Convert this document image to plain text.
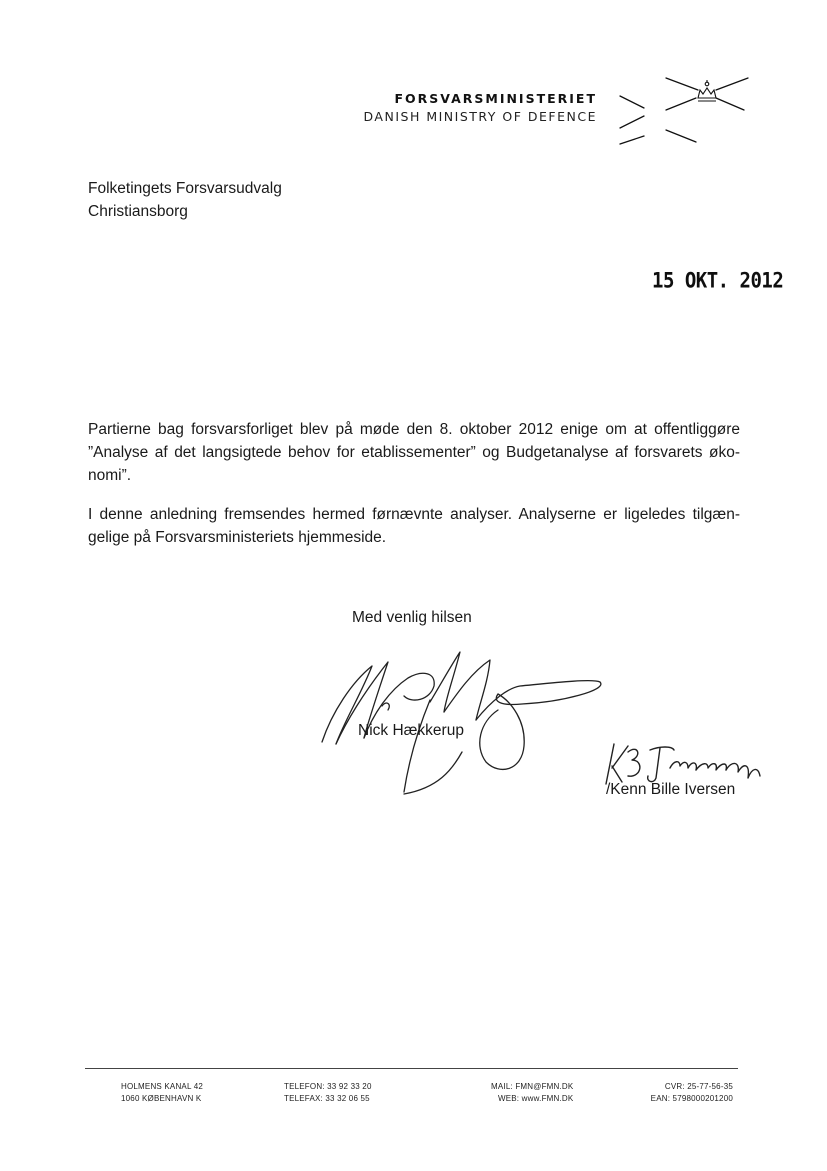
FORSVARSMINISTERIET
DANISH MINISTRY OF DEFENCE
Folketingets Forsvarsudvalg
Christiansborg
15 OKT. 2012

Partierne bag forsvarsforliget blev på møde den 8. oktober 2012 enige om at offentliggøre ”Analyse af det langsigtede behov for etablissementer” og Budgetanalyse af forsvarets øko-nomi”.

I denne anledning fremsendes hermed førnævnte analyser. Analyserne er ligeledes tilgæn-gelige på Forsvarsministeriets hjemmeside.

Med venlig hilsen
Nick Hækkerup
/Kenn Bille Iversen
HOLMENS KANAL 42
1060 KØBENHAVN K
TELEFON: 33 92 33 20
TELEFAX: 33 32 06 55
MAIL: FMN@FMN.DK
WEB: www.FMN.DK
CVR: 25-77-56-35
EAN: 5798000201200
